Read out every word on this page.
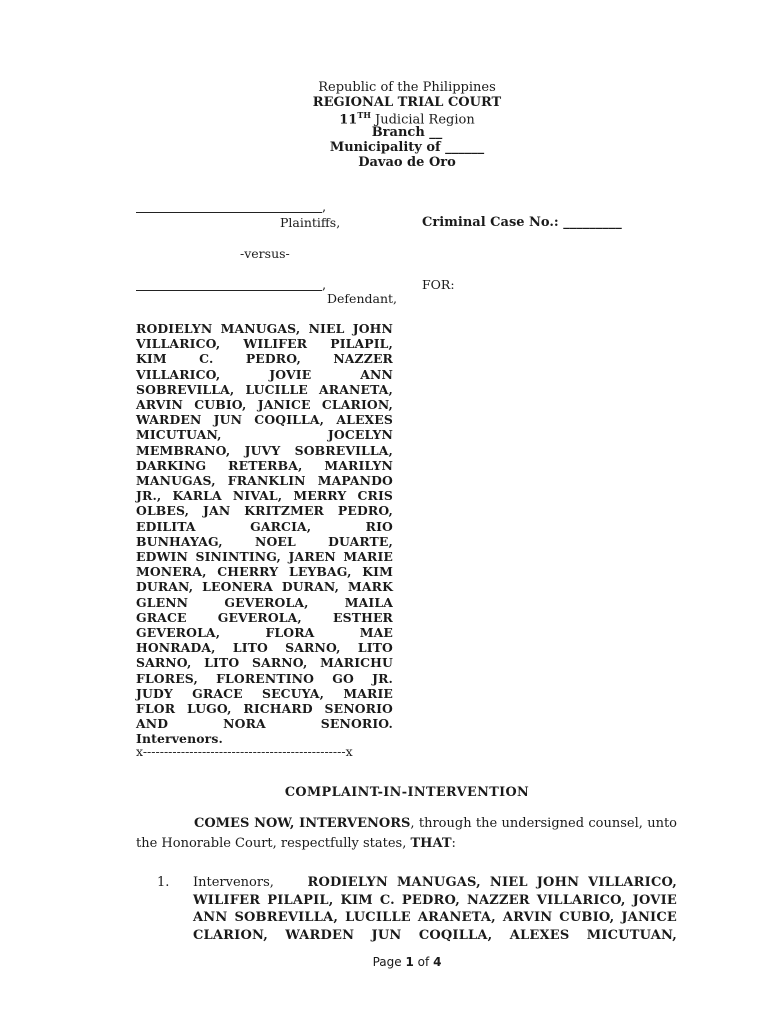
Republic of the Philippines
REGIONAL TRIAL COURT
11TH Judicial Region
Branch __
Municipality of ______
Davao de Oro
,
Plaintiffs,	Criminal Case No.: _________
-versus-
,
Defendant,
FOR:
RODIELYN MANUGAS, NIEL JOHN
VILLARICO, WILIFER PILAPIL,
KIM C. PEDRO, NAZZER
VILLARICO, JOVIE ANN
SOBREVILLA, LUCILLE ARANETA,
ARVIN CUBIO, JANICE CLARION,
WARDEN JUN COQILLA, ALEXES
MICUTUAN, JOCELYN
MEMBRANO, JUVY SOBREVILLA,
DARKING RETERBA, MARILYN
MANUGAS, FRANKLIN MAPANDO
JR., KARLA NIVAL, MERRY CRIS
OLBES, JAN KRITZMER PEDRO,
EDILITA GARCIA, RIO
BUNHAYAG, NOEL DUARTE,
EDWIN SININTING, JAREN MARIE
MONERA, CHERRY LEYBAG, KIM
DURAN, LEONERA DURAN, MARK
GLENN GEVEROLA, MAILA
GRACE GEVEROLA, ESTHER
GEVEROLA, FLORA MAE
HONRADA, LITO SARNO, LITO
SARNO, LITO SARNO, MARICHU
FLORES, FLORENTINO GO JR.
JUDY GRACE SECUYA, MARIE
FLOR LUGO, RICHARD SENORIO
AND NORA SENORIO.
Intervenors.
x------------------------------------------------x
COMPLAINT-IN-INTERVENTION
COMES NOW, INTERVENORS, through the undersigned counsel, unto the Honorable Court, respectfully states, THAT:
1. Intervenors,	RODIELYN MANUGAS, NIEL JOHN VILLARICO,
WILIFER PILAPIL, KIM C. PEDRO, NAZZER VILLARICO, JOVIE
ANN SOBREVILLA, LUCILLE ARANETA, ARVIN CUBIO, JANICE
CLARION, WARDEN JUN COQILLA, ALEXES MICUTUAN,
Page 1 of 4
